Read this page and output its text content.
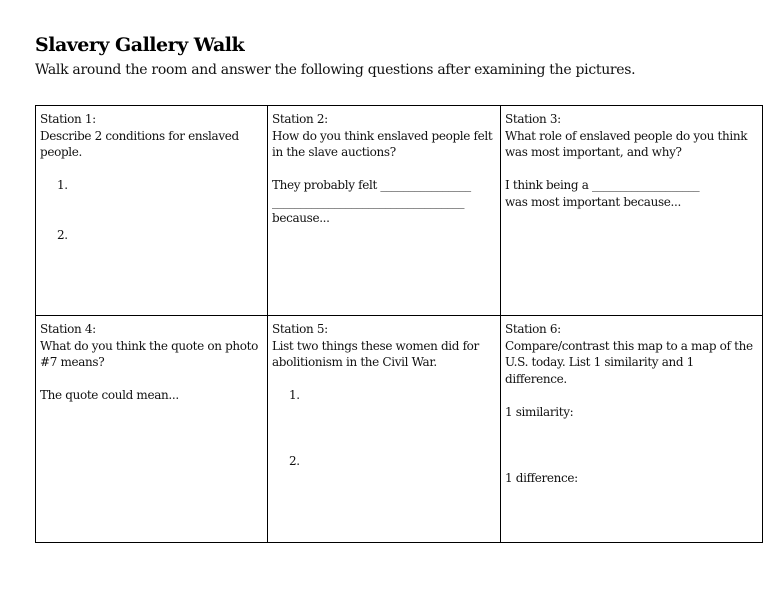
Slavery Gallery Walk
Walk around the room and answer the following questions after examining the pictures.
Station 1:
Describe 2 conditions for enslaved people.
1.
2.	Station 2:
How do you think enslaved people felt in the slave auctions?
They probably felt ________________
__________________________________
because...	Station 3:
What role of enslaved people do you think was most important, and why?
I think being a ___________________
was most important because...

Station 4:
What do you think the quote on photo #7 means?
The quote could mean...	Station 5:
List two things these women did for abolitionism in the Civil War.
1.
2.	Station 6:
Compare/contrast this map to a map of the U.S. today. List 1 similarity and 1 difference.
1 similarity:
1 difference:
